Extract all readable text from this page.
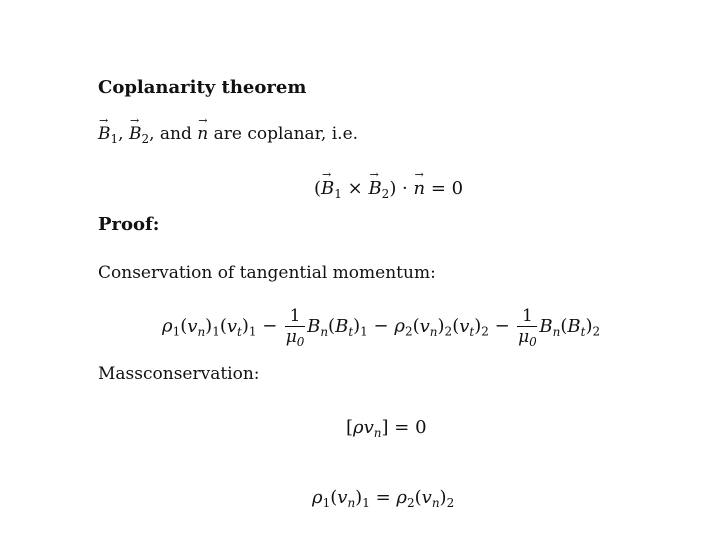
Coplanarity theorem
→ $B_1$, → $B_2$, and → n are coplanar, i.e.
(→ $B_1$ × → $B_2$) · → n = 0
Proof:
Conservation of tangential momentum:
$\rho_1(v_n)_1(v_t)_1 - \frac{1}{\mu_0} B_n(B_t)_1 - \rho_2(v_n)_2(v_t)_2 - \frac{1}{\mu_0} B_n(B_t)_2$
Massconservation:
$[\rho v_n] = 0$
$\rho_1(v_n)_1 = \rho_2(v_n)_2$
